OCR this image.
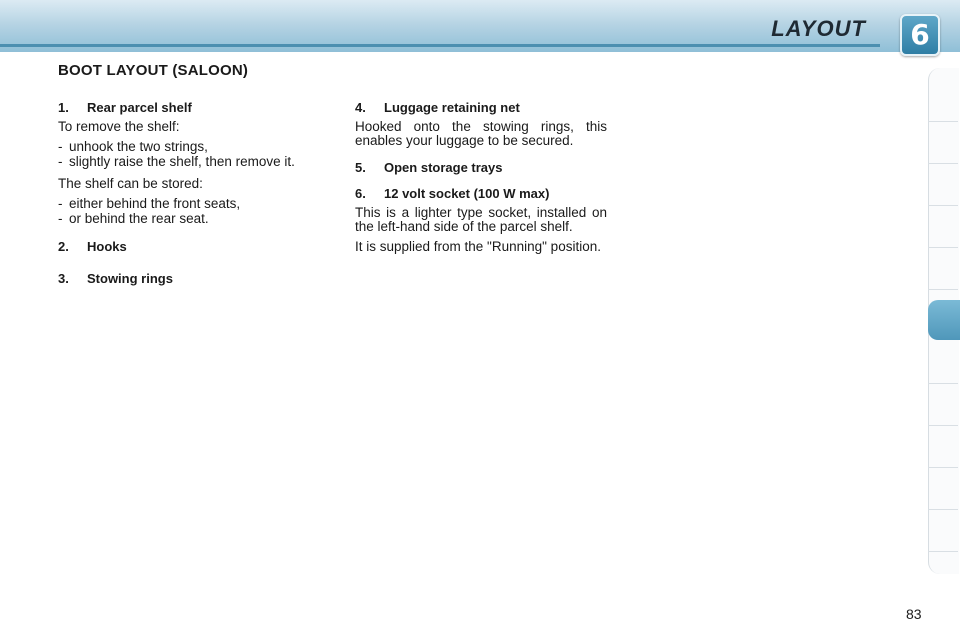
LAYOUT	6
BOOT LAYOUT (SALOON)
1. Rear parcel shelf

To remove the shelf:

- unhook the two strings,
- slightly raise the shelf, then remove it.

The shelf can be stored:

- either behind the front seats,
- or behind the rear seat.
2. Hooks
3. Stowing rings
4. Luggage retaining net

Hooked onto the stowing rings, this enables your luggage to be secured.

5. Open storage trays
6. 12 volt socket (100 W max)

This is a lighter type socket, installed on the left-hand side of the parcel shelf.

It is supplied from the "Running" position.

83
